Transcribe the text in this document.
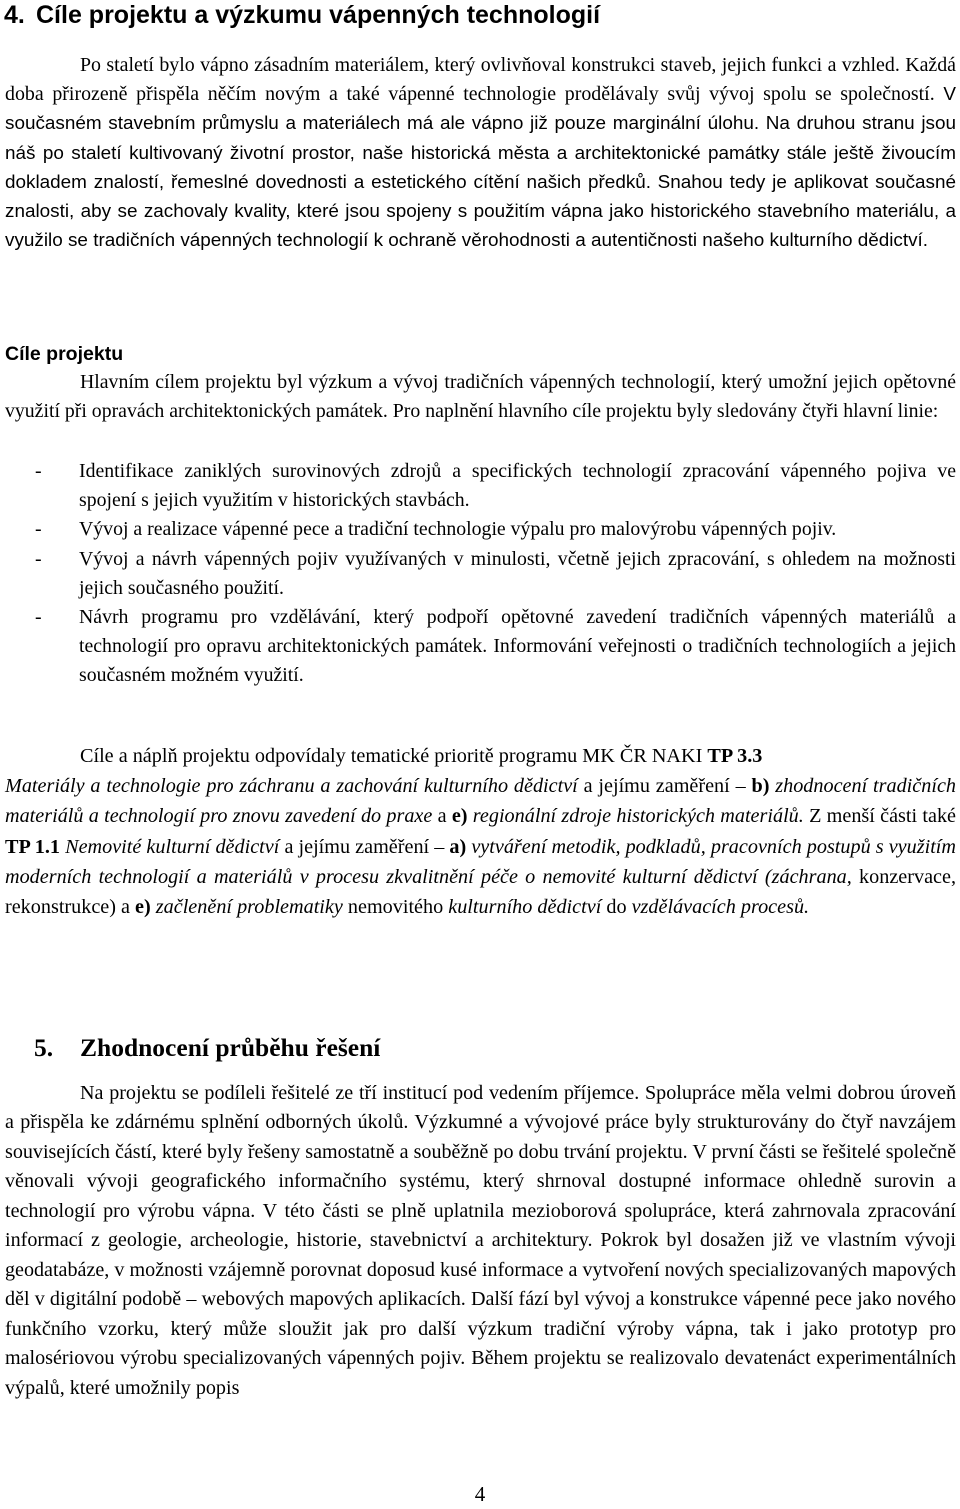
4. Cíle projektu a výzkumu vápenných technologií

Po staletí bylo vápno zásadním materiálem, který ovlivňoval konstrukci staveb, jejich funkci a vzhled. Každá doba přirozeně přispěla něčím novým a také vápenné technologie prodělávaly svůj vývoj spolu se společností. V současném stavebním průmyslu a materiálech má ale vápno již pouze marginální úlohu. Na druhou stranu jsou náš po staletí kultivovaný životní prostor, naše historická města a architektonické památky stále ještě živoucím dokladem znalostí, řemeslné dovednosti a estetického cítění našich předků. Snahou tedy je aplikovat současné znalosti, aby se zachovaly kvality, které jsou spojeny s použitím vápna jako historického stavebního materiálu, a využilo se tradičních vápenných technologií k ochraně věrohodnosti a autentičnosti našeho kulturního dědictví.

Cíle projektu

Hlavním cílem projektu byl výzkum a vývoj tradičních vápenných technologií, který umožní jejich opětovné využití při opravách architektonických památek. Pro naplnění hlavního cíle projektu byly sledovány čtyři hlavní linie:

- Identifikace zaniklých surovinových zdrojů a specifických technologií zpracování vápenného pojiva ve spojení s jejich využitím v historických stavbách.
- Vývoj a realizace vápenné pece a tradiční technologie výpalu pro malovýrobu vápenných pojiv.
- Vývoj a návrh vápenných pojiv využívaných v minulosti, včetně jejich zpracování, s ohledem na možnosti jejich současného použití.
- Návrh programu pro vzdělávání, který podpoří opětovné zavedení tradičních vápenných materiálů a technologií pro opravu architektonických památek. Informování veřejnosti o tradičních technologiích a jejich současném možném využití.

Cíle a náplň projektu odpovídaly tematické prioritě programu MK ČR NAKI TP 3.3
Materiály a technologie pro záchranu a zachování kulturního dědictví a jejímu zaměření – b) zhodnocení tradičních materiálů a technologií pro znovu zavedení do praxe a e) regionální zdroje historických materiálů. Z menší části také TP 1.1 Nemovité kulturní dědictví a jejímu zaměření – a) vytváření metodik, podkladů, pracovních postupů s využitím moderních technologií a materiálů v procesu zkvalitnění péče o nemovité kulturní dědictví (záchrana, konzervace, rekonstrukce) a e) začlenění problematiky nemovitého kulturního dědictví do vzdělávacích procesů.

5. Zhodnocení průběhu řešení

Na projektu se podíleli řešitelé ze tří institucí pod vedením příjemce. Spolupráce měla velmi dobrou úroveň a přispěla ke zdárnému splnění odborných úkolů. Výzkumné a vývojové práce byly strukturovány do čtyř navzájem souvisejících částí, které byly řešeny samostatně a souběžně po dobu trvání projektu. V první části se řešitelé společně věnovali vývoji geografického informačního systému, který shrnoval dostupné informace ohledně surovin a technologií pro výrobu vápna. V této části se plně uplatnila mezioborová spolupráce, která zahrnovala zpracování informací z geologie, archeologie, historie, stavebnictví a architektury. Pokrok byl dosažen již ve vlastním vývoji geodatabáze, v možnosti vzájemně porovnat doposud kusé informace a vytvoření nových specializovaných mapových děl v digitální podobě – webových mapových aplikacích. Další fází byl vývoj a konstrukce vápenné pece jako nového funkčního vzorku, který může sloužit jak pro další výzkum tradiční výroby vápna, tak i jako prototyp pro malosériovou výrobu specializovaných vápenných pojiv. Během projektu se realizovalo devatenáct experimentálních výpalů, které umožnily popis

4
